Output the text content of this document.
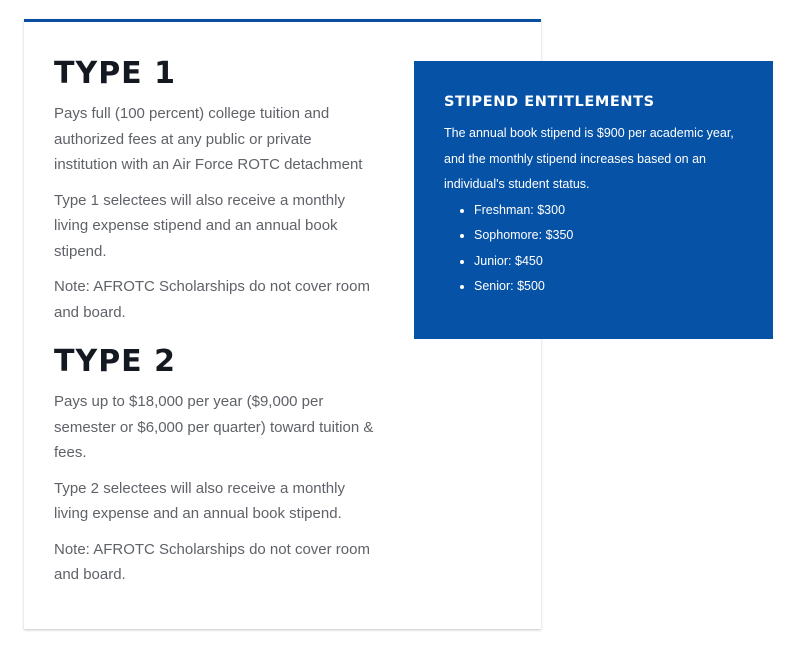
TYPE 1

Pays full (100 percent) college tuition and authorized fees at any public or private institution with an Air Force ROTC detachment

Type 1 selectees will also receive a monthly living expense stipend and an annual book stipend.

Note: AFROTC Scholarships do not cover room and board.

TYPE 2

Pays up to $18,000 per year ($9,000 per semester or $6,000 per quarter) toward tuition & fees.

Type 2 selectees will also receive a monthly living expense and an annual book stipend.

Note: AFROTC Scholarships do not cover room and board.

STIPEND ENTITLEMENTS

The annual book stipend is $900 per academic year, and the monthly stipend increases based on an individual's student status.

• Freshman: $300
• Sophomore: $350
• Junior: $450
• Senior: $500
